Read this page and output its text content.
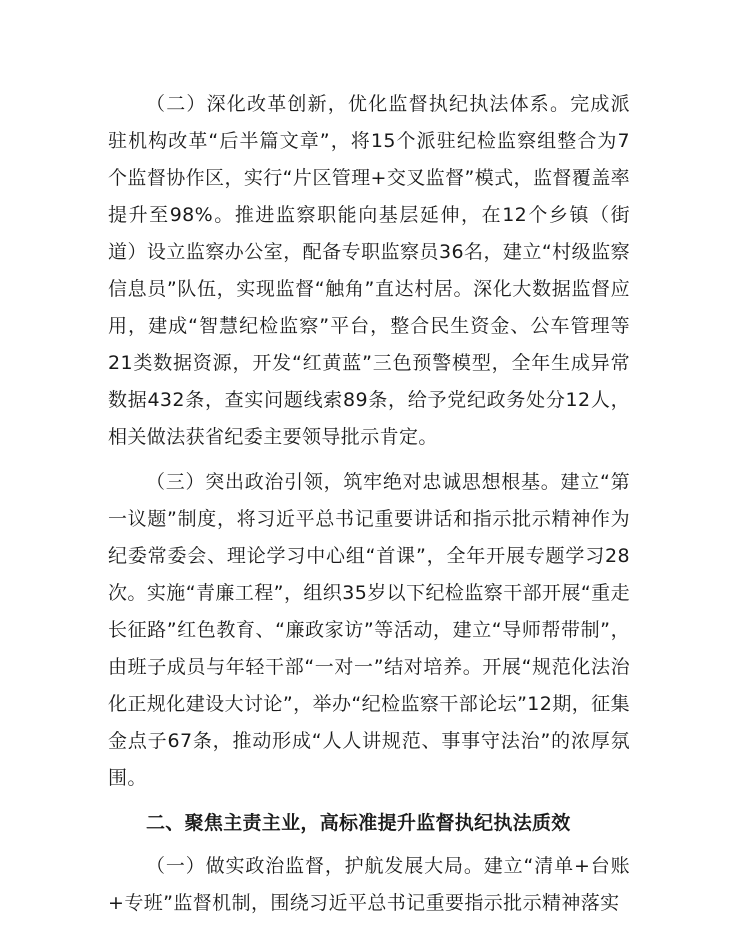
（二）深化改革创新，优化监督执纪执法体系。完成派驻机构改革“后半篇文章”，将15个派驻纪检监察组整合为7个监督协作区，实行“片区管理+交叉监督”模式，监督覆盖率提升至98%。推进监察职能向基层延伸，在12个乡镇（街道）设立监察办公室，配备专职监察员36名，建立“村级监察信息员”队伍，实现监督“触角”直达村居。深化大数据监督应用，建成“智慧纪检监察”平台，整合民生资金、公车管理等21类数据资源，开发“红黄蓝”三色预警模型，全年生成异常数据432条，查实问题线索89条，给予党纪政务处分12人，相关做法获省纪委主要领导批示肯定。

（三）突出政治引领，筑牢绝对忠诚思想根基。建立“第一议题”制度，将习近平总书记重要讲话和指示批示精神作为纪委常委会、理论学习中心组“首课”，全年开展专题学习28次。实施“青廉工程”，组织35岁以下纪检监察干部开展“重走长征路”红色教育、“廉政家访”等活动，建立“导师帮带制”，由班子成员与年轻干部“一对一”结对培养。开展“规范化法治化正规化建设大讨论”，举办“纪检监察干部论坛”12期，征集金点子67条，推动形成“人人讲规范、事事守法治”的浓厚氛围。

二、聚焦主责主业，高标准提升监督执纪执法质效

（一）做实政治监督，护航发展大局。建立“清单+台账+专班”监督机制，围绕习近平总书记重要指示批示精神落实
